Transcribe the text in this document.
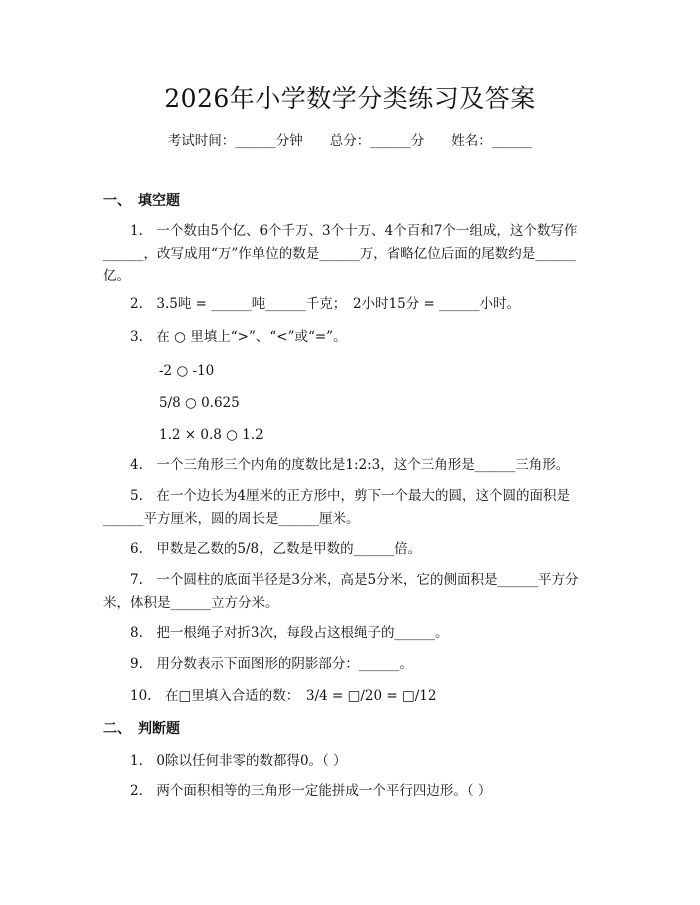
2026年小学数学分类练习及答案
考试时间：______分钟　　总分：______分　　姓名：______
一、　填空题
1.　一个数由5个亿、6个千万、3个十万、4个百和7个一组成，这个数写作______，改写成用“万”作单位的数是______万，省略亿位后面的尾数约是______亿。
2.　3.5吨 = ______吨______千克；　2小时15分 = ______小时。
3.　在 ○ 里填上“>”、“<”或“=”。
-2 ○ -10
5/8 ○ 0.625
1.2 × 0.8 ○ 1.2
4.　一个三角形三个内角的度数比是1:2:3，这个三角形是______三角形。
5.　在一个边长为4厘米的正方形中，剪下一个最大的圆，这个圆的面积是______平方厘米，圆的周长是______厘米。
6.　甲数是乙数的5/8，乙数是甲数的______倍。
7.　一个圆柱的底面半径是3分米，高是5分米，它的侧面积是______平方分米，体积是______立方分米。
8.　把一根绳子对折3次，每段占这根绳子的______。
9.　用分数表示下面图形的阴影部分：______。
10.　在□里填入合适的数：　3/4 = □/20 = □/12
二、　判断题
1.　0除以任何非零的数都得0。（ ）
2.　两个面积相等的三角形一定能拼成一个平行四边形。（ ）
